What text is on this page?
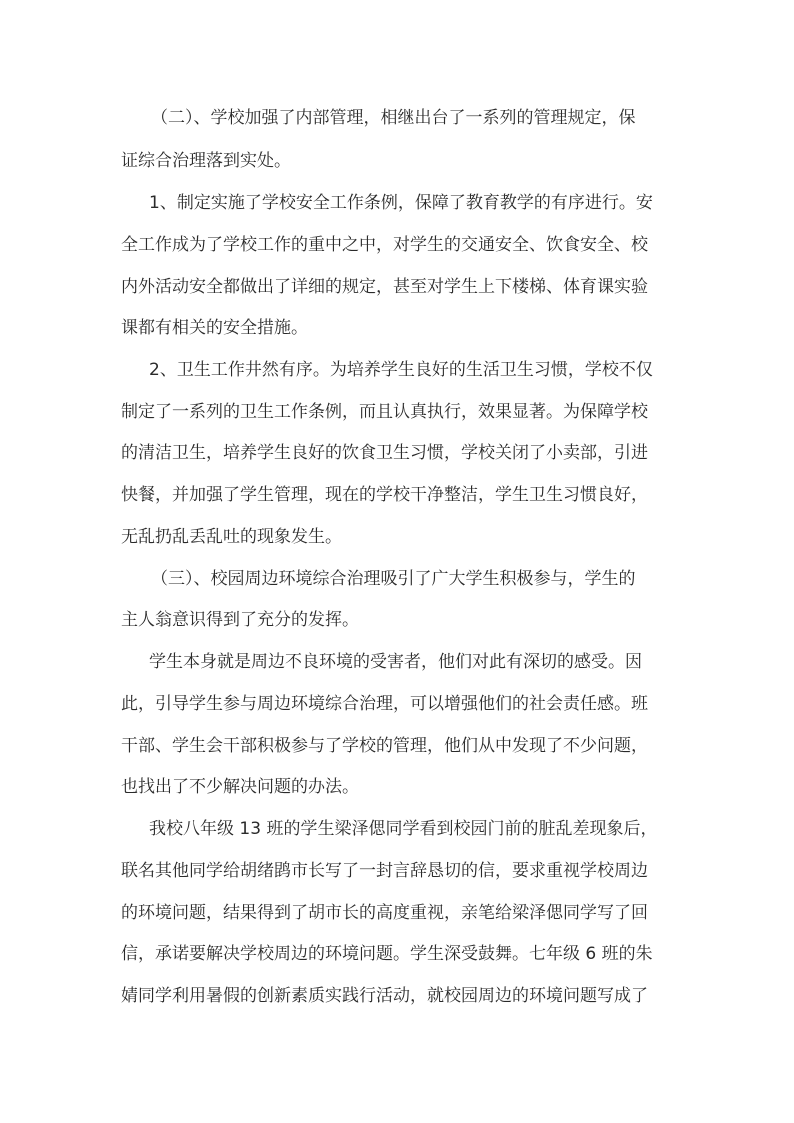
（二）、学校加强了内部管理，相继出台了一系列的管理规定，保
证综合治理落到实处。
1、制定实施了学校安全工作条例，保障了教育教学的有序进行。安
全工作成为了学校工作的重中之中，对学生的交通安全、饮食安全、校
内外活动安全都做出了详细的规定，甚至对学生上下楼梯、体育课实验
课都有相关的安全措施。
2、卫生工作井然有序。为培养学生良好的生活卫生习惯，学校不仅
制定了一系列的卫生工作条例，而且认真执行，效果显著。为保障学校
的清洁卫生，培养学生良好的饮食卫生习惯，学校关闭了小卖部，引进
快餐，并加强了学生管理，现在的学校干净整洁，学生卫生习惯良好，
无乱扔乱丢乱吐的现象发生。
（三）、校园周边环境综合治理吸引了广大学生积极参与，学生的
主人翁意识得到了充分的发挥。
学生本身就是周边不良环境的受害者，他们对此有深切的感受。因
此，引导学生参与周边环境综合治理，可以增强他们的社会责任感。班
干部、学生会干部积极参与了学校的管理，他们从中发现了不少问题，
也找出了不少解决问题的办法。
我校八年级 13 班的学生梁泽偲同学看到校园门前的脏乱差现象后，
联名其他同学给胡绪鹍市长写了一封言辞恳切的信，要求重视学校周边
的环境问题，结果得到了胡市长的高度重视，亲笔给梁泽偲同学写了回
信，承诺要解决学校周边的环境问题。学生深受鼓舞。七年级 6 班的朱
婧同学利用暑假的创新素质实践行活动，就校园周边的环境问题写成了
